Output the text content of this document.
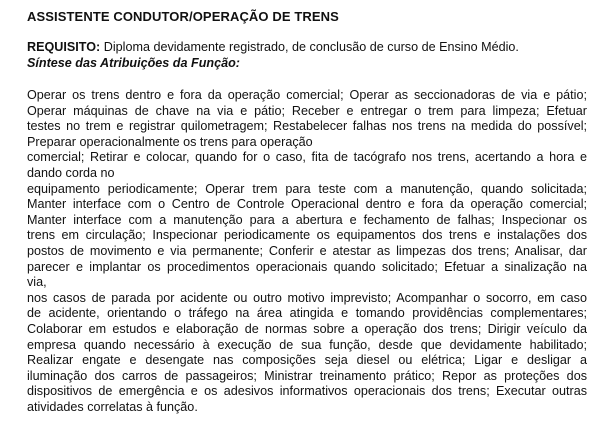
ASSISTENTE CONDUTOR/OPERAÇÃO DE TRENS

REQUISITO: Diploma devidamente registrado, de conclusão de curso de Ensino Médio.
Síntese das Atribuições da Função:
Operar os trens dentro e fora da operação comercial; Operar as seccionadoras de via e pátio;
Operar máquinas de chave na via e pátio; Receber e entregar o trem para limpeza; Efetuar
testes no trem e registrar quilometragem; Restabelecer falhas nos trens na medida do possível;
Preparar operacionalmente os trens para operação
comercial; Retirar e colocar, quando for o caso, fita de tacógrafo nos trens, acertando a hora e
dando corda no
equipamento periodicamente; Operar trem para teste com a manutenção, quando solicitada;
Manter interface com o Centro de Controle Operacional dentro e fora da operação comercial;
Manter interface com a manutenção para a abertura e fechamento de falhas; Inspecionar os
trens em circulação; Inspecionar periodicamente os equipamentos dos trens e instalações dos
postos de movimento e via permanente; Conferir e atestar as limpezas dos trens; Analisar, dar
parecer e implantar os procedimentos operacionais quando solicitado; Efetuar a sinalização na
via,
nos casos de parada por acidente ou outro motivo imprevisto; Acompanhar o socorro, em caso
de acidente, orientando o tráfego na área atingida e tomando providências complementares;
Colaborar em estudos e elaboração de normas sobre a operação dos trens; Dirigir veículo da
empresa quando necessário à execução de sua função, desde que devidamente habilitado;
Realizar engate e desengate nas composições seja diesel ou elétrica; Ligar e desligar a
iluminação dos carros de passageiros; Ministrar treinamento prático; Repor as proteções dos
dispositivos de emergência e os adesivos informativos operacionais dos trens; Executar outras
atividades correlatas à função.
